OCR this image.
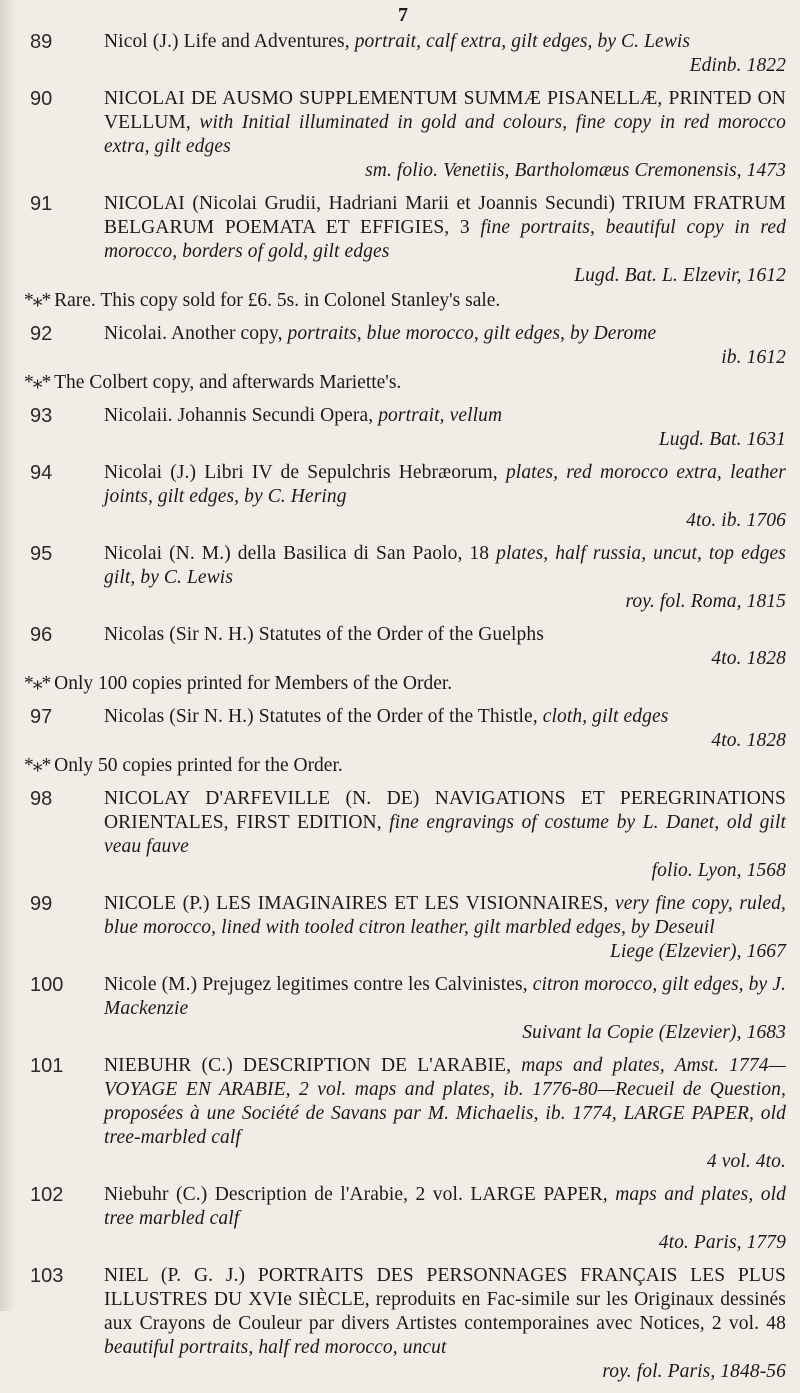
7
89	Nicol (J.) Life and Adventures, portrait, calf extra, gilt edges, by C. Lewis
Edinb. 1822
90	NICOLAI DE AUSMO SUPPLEMENTUM SUMMÆ PISANELLÆ, PRINTED ON VELLUM, with Initial illuminated in gold and colours, fine copy in red morocco extra, gilt edges
sm. folio. Venetiis, Bartholomæus Cremonensis, 1473
91	NICOLAI (Nicolai Grudii, Hadriani Marii et Joannis Secundi) TRIUM FRATRUM BELGARUM POEMATA ET EFFIGIES, 3 fine portraits, beautiful copy in red morocco, borders of gold, gilt edges
Lugd. Bat. L. Elzevir, 1612
*⁎* Rare. This copy sold for £6. 5s. in Colonel Stanley's sale.
92	Nicolai. Another copy, portraits, blue morocco, gilt edges, by Derome
ib. 1612
*⁎* The Colbert copy, and afterwards Mariette's.
93	Nicolaii. Johannis Secundi Opera, portrait, vellum
Lugd. Bat. 1631
94	Nicolai (J.) Libri IV de Sepulchris Hebræorum, plates, red morocco extra, leather joints, gilt edges, by C. Hering
4to. ib. 1706
95	Nicolai (N. M.) della Basilica di San Paolo, 18 plates, half russia, uncut, top edges gilt, by C. Lewis
roy. fol. Roma, 1815
96	Nicolas (Sir N. H.) Statutes of the Order of the Guelphs
4to. 1828
*⁎* Only 100 copies printed for Members of the Order.
97	Nicolas (Sir N. H.) Statutes of the Order of the Thistle, cloth, gilt edges
4to. 1828
*⁎* Only 50 copies printed for the Order.
98	NICOLAY D'ARFEVILLE (N. DE) NAVIGATIONS ET PEREGRINATIONS ORIENTALES, FIRST EDITION, fine engravings of costume by L. Danet, old gilt veau fauve
folio. Lyon, 1568
99	NICOLE (P.) LES IMAGINAIRES ET LES VISIONNAIRES, very fine copy, ruled, blue morocco, lined with tooled citron leather, gilt marbled edges, by Deseuil
Liege (Elzevier), 1667
100 Nicole (M.) Prejugez legitimes contre les Calvinistes, citron morocco, gilt edges, by J. Mackenzie
Suivant la Copie (Elzevier), 1683
101 NIEBUHR (C.) DESCRIPTION DE L'ARABIE, maps and plates, Amst. 1774—VOYAGE EN ARABIE, 2 vol. maps and plates, ib. 1776-80—Recueil de Question, proposées à une Société de Savans par M. Michaelis, ib. 1774, LARGE PAPER, old tree-marbled calf
4 vol. 4to.
102 Niebuhr (C.) Description de l'Arabie, 2 vol. LARGE PAPER, maps and plates, old tree marbled calf
4to. Paris, 1779
103 NIEL (P. G. J.) PORTRAITS DES PERSONNAGES FRANÇAIS LES PLUS ILLUSTRES DU XVIe SIÈCLE, reproduits en Fac-simile sur les Originaux dessinés aux Crayons de Couleur par divers Artistes contemporaines avec Notices, 2 vol. 48 beautiful portraits, half red morocco, uncut
roy. fol. Paris, 1848-56
